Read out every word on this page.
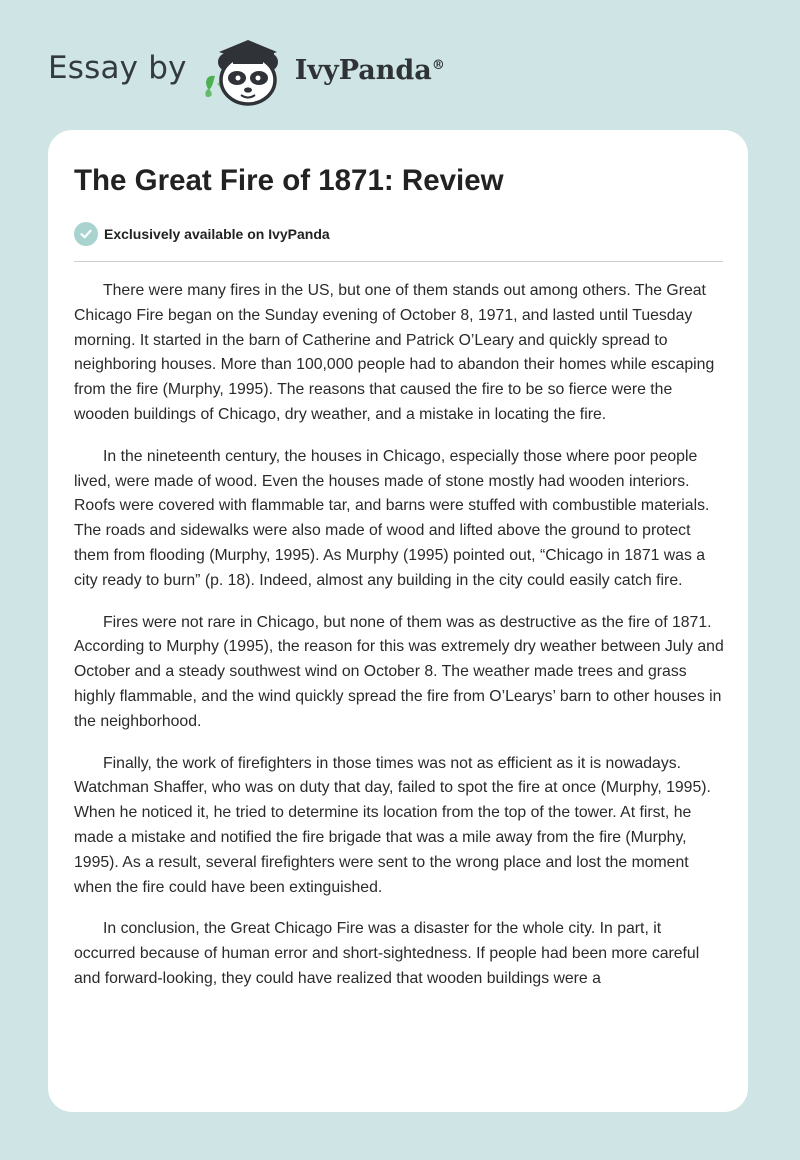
Essay by	IvyPanda®
The Great Fire of 1871: Review
Exclusively available on IvyPanda

There were many fires in the US, but one of them stands out among others. The Great Chicago Fire began on the Sunday evening of October 8, 1971, and lasted until Tuesday morning. It started in the barn of Catherine and Patrick O’Leary and quickly spread to neighboring houses. More than 100,000 people had to abandon their homes while escaping from the fire (Murphy, 1995). The reasons that caused the fire to be so fierce were the wooden buildings of Chicago, dry weather, and a mistake in locating the fire.

In the nineteenth century, the houses in Chicago, especially those where poor people lived, were made of wood. Even the houses made of stone mostly had wooden interiors. Roofs were covered with flammable tar, and barns were stuffed with combustible materials. The roads and sidewalks were also made of wood and lifted above the ground to protect them from flooding (Murphy, 1995). As Murphy (1995) pointed out, “Chicago in 1871 was a city ready to burn” (p. 18). Indeed, almost any building in the city could easily catch fire.

Fires were not rare in Chicago, but none of them was as destructive as the fire of 1871. According to Murphy (1995), the reason for this was extremely dry weather between July and October and a steady southwest wind on October 8. The weather made trees and grass highly flammable, and the wind quickly spread the fire from O’Learys’ barn to other houses in the neighborhood.

Finally, the work of firefighters in those times was not as efficient as it is nowadays. Watchman Shaffer, who was on duty that day, failed to spot the fire at once (Murphy, 1995). When he noticed it, he tried to determine its location from the top of the tower. At first, he made a mistake and notified the fire brigade that was a mile away from the fire (Murphy, 1995). As a result, several firefighters were sent to the wrong place and lost the moment when the fire could have been extinguished.

In conclusion, the Great Chicago Fire was a disaster for the whole city. In part, it occurred because of human error and short-sightedness. If people had been more careful and forward-looking, they could have realized that wooden buildings were a
